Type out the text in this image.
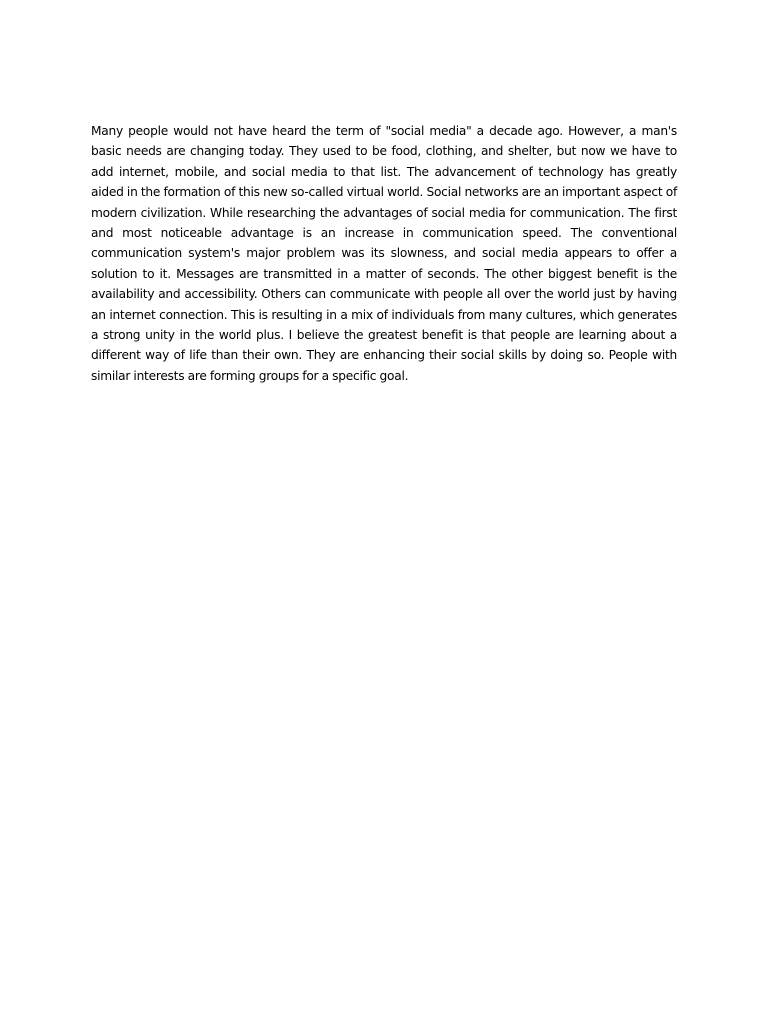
Many people would not have heard the term of "social media" a decade ago. However, a man's basic needs are changing today. They used to be food, clothing, and shelter, but now we have to add internet, mobile, and social media to that list. The advancement of technology has greatly aided in the formation of this new so-called virtual world. Social networks are an important aspect of modern civilization. While researching the advantages of social media for communication. The first and most noticeable advantage is an increase in communication speed. The conventional communication system's major problem was its slowness, and social media appears to offer a solution to it. Messages are transmitted in a matter of seconds. The other biggest benefit is the availability and accessibility. Others can communicate with people all over the world just by having an internet connection. This is resulting in a mix of individuals from many cultures, which generates a strong unity in the world plus. I believe the greatest benefit is that people are learning about a different way of life than their own. They are enhancing their social skills by doing so. People with similar interests are forming groups for a specific goal.
